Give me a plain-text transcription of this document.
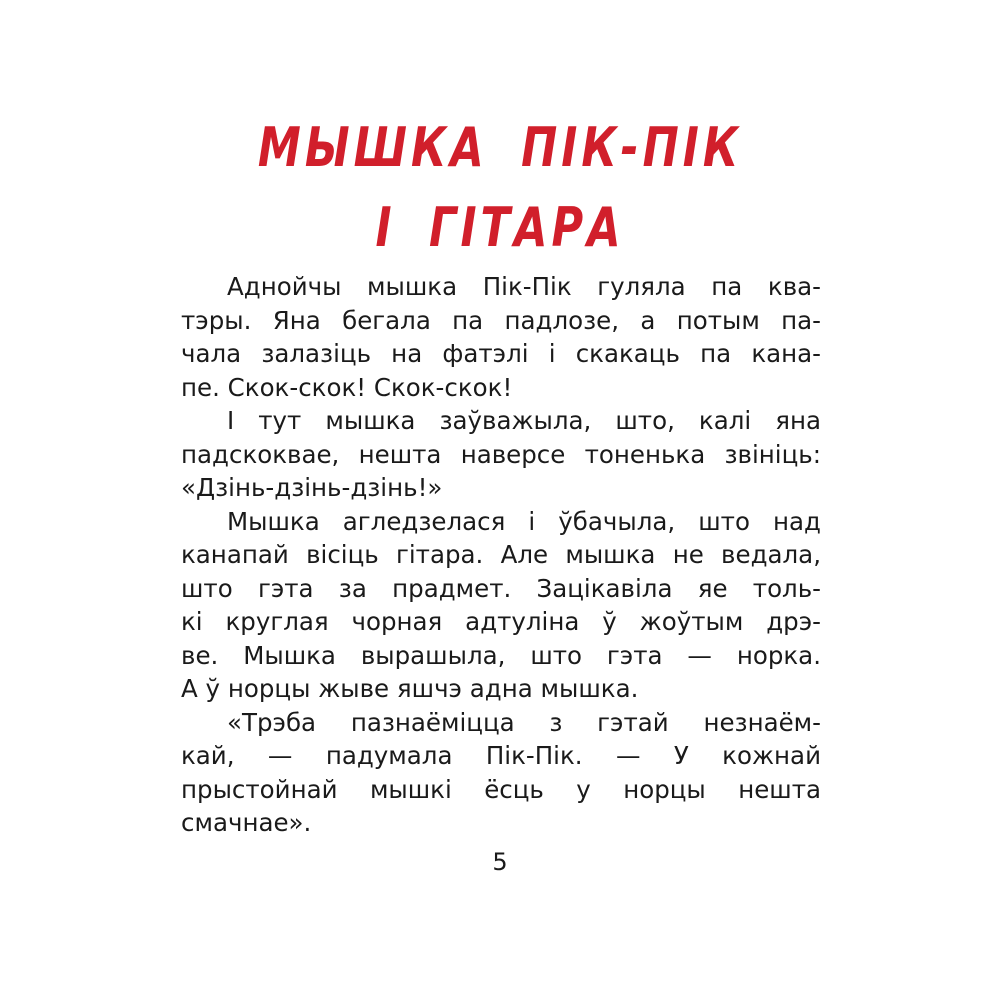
МЫШКА ПІК-ПІК
І ГІТАРА
Аднойчы мышка Пік-Пік гуляла па ква-
тэры. Яна бегала па падлозе, а потым па-
чала залазіць на фатэлі і скакаць па кана-
пе. Скок-скок! Скок-скок!
І тут мышка заўважыла, што, калі яна
падскоквае, нешта наверсе тоненька звініць:
«Дзінь-дзінь-дзінь!»
Мышка агледзелася і ўбачыла, што над
канапай вісіць гітара. Але мышка не ведала,
што гэта за прадмет. Зацікавіла яе толь-
кі круглая чорная адтуліна ў жоўтым дрэ-
ве. Мышка вырашыла, што гэта — норка.
А ў норцы жыве яшчэ адна мышка.
«Трэба пазнаёміцца з гэтай незнаём-
кай, — падумала Пік-Пік. — У кожнай
прыстойнай мышкі ёсць у норцы нешта
смачнае».
5
